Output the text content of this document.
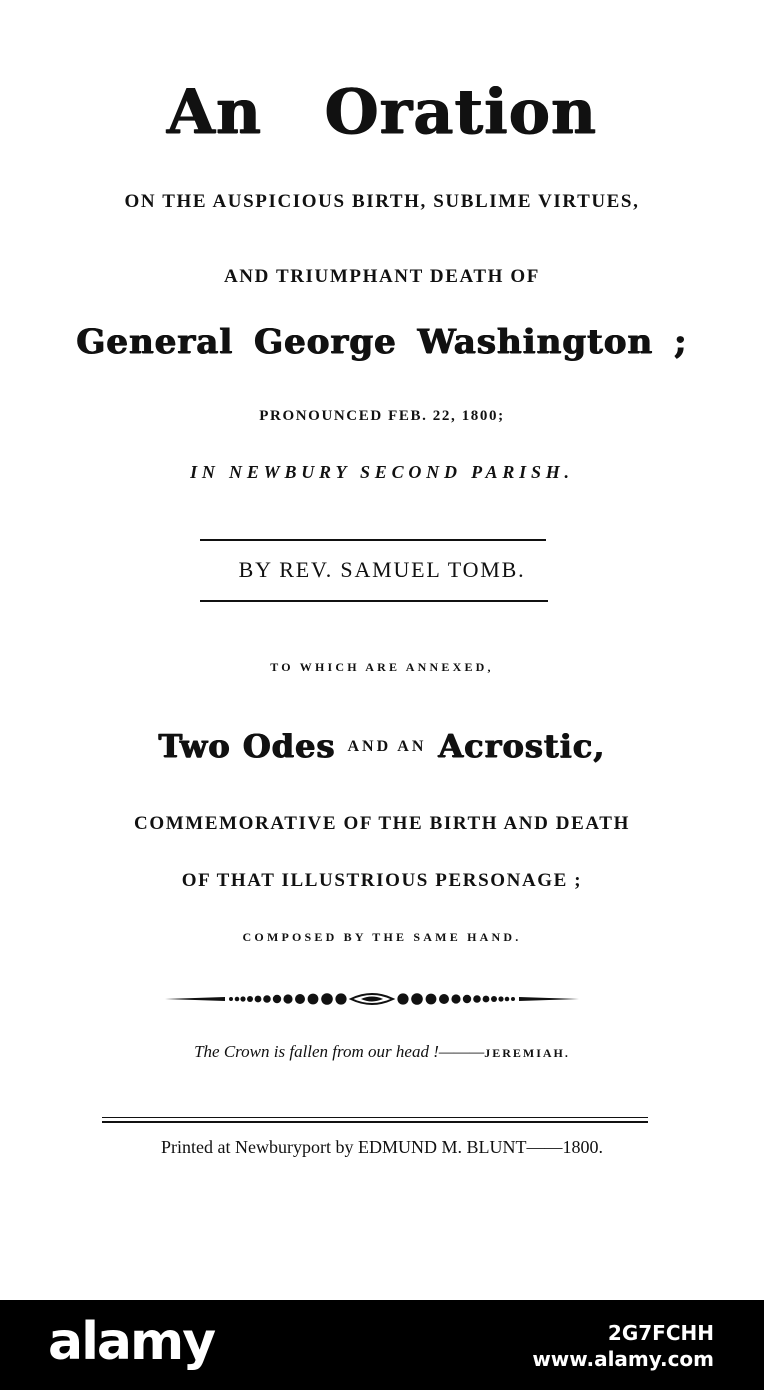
An Oration
ON THE AUSPICIOUS BIRTH, SUBLIME VIRTUES,
AND TRIUMPHANT DEATH OF
General George Washington ;
PRONOUNCED FEB. 22, 1800;
IN NEWBURY SECOND PARISH.
BY REV. SAMUEL TOMB.
TO WHICH ARE ANNEXED,
Two Odes AND AN Acrostic,
COMMEMORATIVE OF THE BIRTH AND DEATH
OF THAT ILLUSTRIOUS PERSONAGE ;
COMPOSED BY THE SAME HAND.
The Crown is fallen from our head !———JEREMIAH.
Printed at Newburyport by EDMUND M. BLUNT——1800.
alamy	2G7FCHH
www.alamy.com
